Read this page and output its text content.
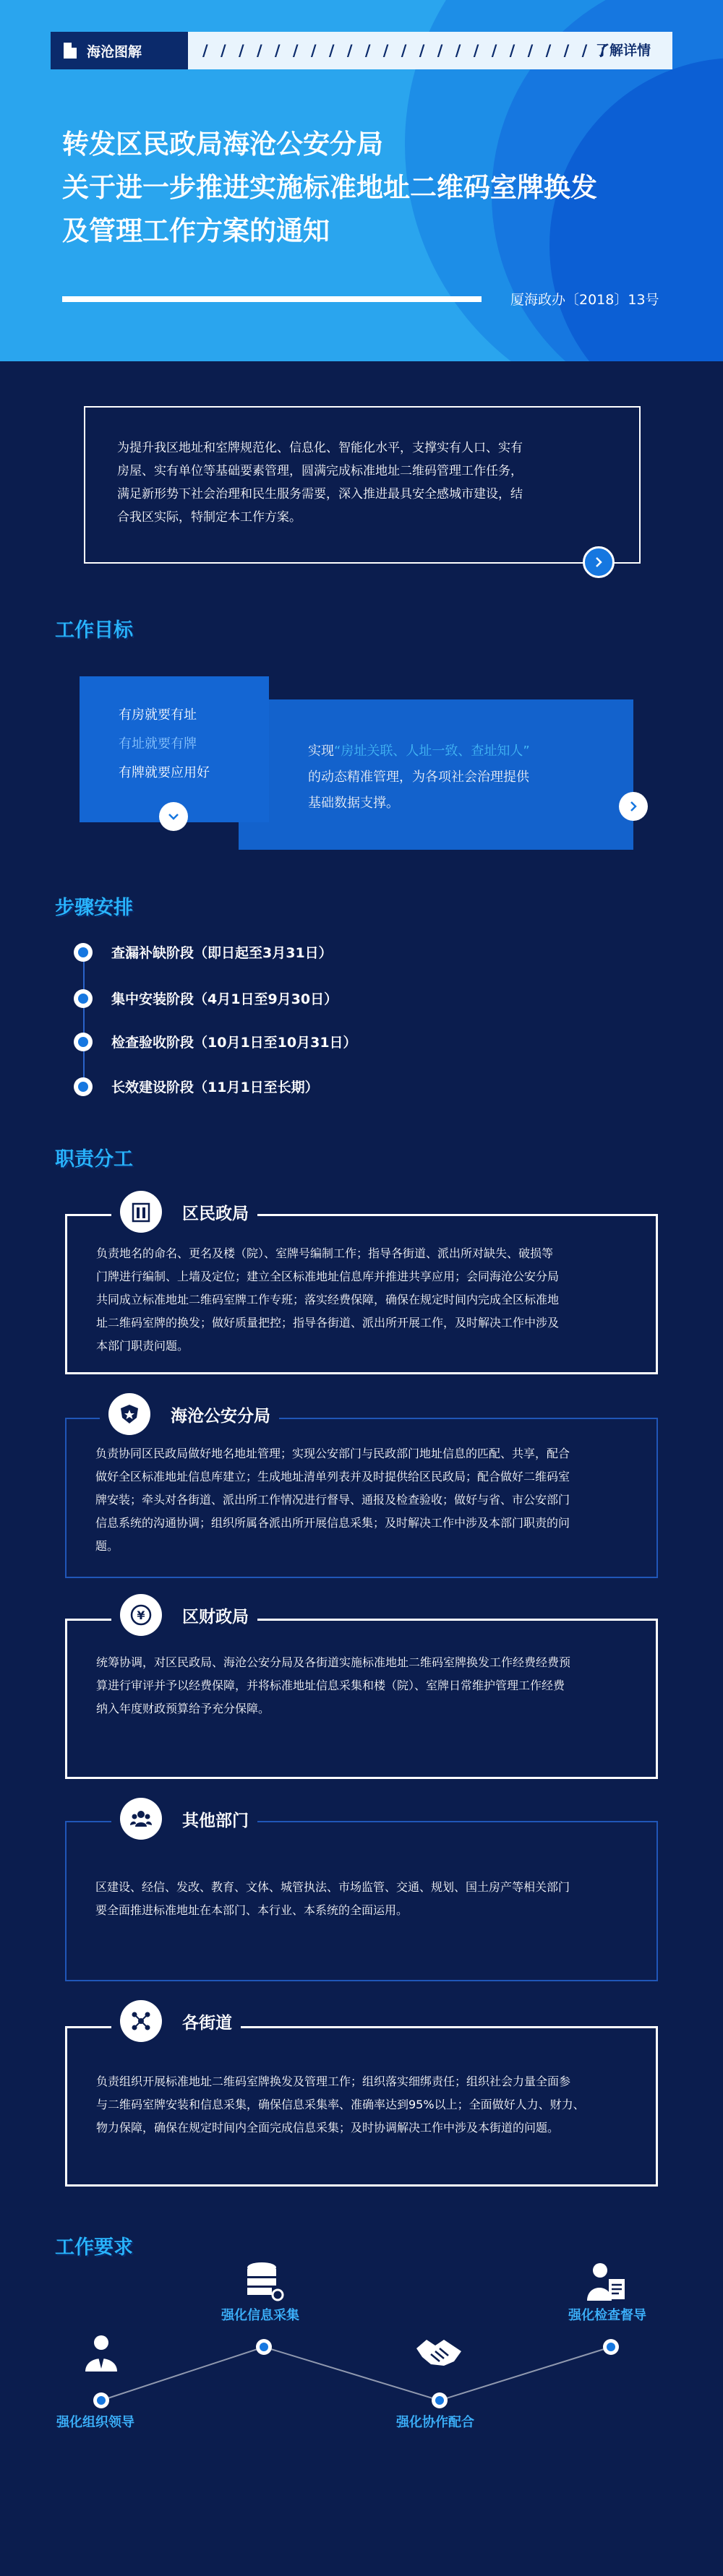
海沧图解	/ / / / / / / / / / / / / / / / / / / / / / /
了解详情
转发区民政局海沧公安分局
关于进一步推进实施标准地址二维码室牌换发
及管理工作方案的通知
厦海政办〔2018〕13号

为提升我区地址和室牌规范化、信息化、智能化水平，支撑实有人口、实有

房屋、实有单位等基础要素管理，圆满完成标准地址二维码管理工作任务，

满足新形势下社会治理和民生服务需要，深入推进最具安全感城市建设，结

合我区实际，特制定本工作方案。

工作目标

有房就要有址

有址就要有牌

有牌就要应用好

实现“房址关联、人址一致、查址知人”

的动态精准管理，为各项社会治理提供

基础数据支撑。

步骤安排
查漏补缺阶段（即日起至3月31日）
集中安装阶段（4月1日至9月30日）
检查验收阶段（10月1日至10月31日）
长效建设阶段（11月1日至长期）
职责分工

负责地名的命名、更名及楼（院）、室牌号编制工作；指导各街道、派出所对缺失、破损等

门牌进行编制、上墙及定位；建立全区标准地址信息库并推进共享应用；会同海沧公安分局

共同成立标准地址二维码室牌工作专班；落实经费保障，确保在规定时间内完成全区标准地

址二维码室牌的换发；做好质量把控；指导各街道、派出所开展工作，及时解决工作中涉及

本部门职责问题。

区民政局

负责协同区民政局做好地名地址管理；实现公安部门与民政部门地址信息的匹配、共享，配合

做好全区标准地址信息库建立；生成地址清单列表并及时提供给区民政局；配合做好二维码室

牌安装；牵头对各街道、派出所工作情况进行督导、通报及检查验收；做好与省、市公安部门

信息系统的沟通协调；组织所属各派出所开展信息采集；及时解决工作中涉及本部门职责的问

题。

海沧公安分局

统筹协调，对区民政局、海沧公安分局及各街道实施标准地址二维码室牌换发工作经费经费预

算进行审评并予以经费保障，并将标准地址信息采集和楼（院）、室牌日常维护管理工作经费

纳入年度财政预算给予充分保障。

¥ 区财政局

区建设、经信、发改、教育、文体、城管执法、市场监管、交通、规划、国土房产等相关部门

要全面推进标准地址在本部门、本行业、本系统的全面运用。

其他部门

负责组织开展标准地址二维码室牌换发及管理工作；组织落实细绑责任；组织社会力量全面参

与二维码室牌安装和信息采集，确保信息采集率、准确率达到95%以上；全面做好人力、财力、

物力保障，确保在规定时间内全面完成信息采集；及时协调解决工作中涉及本街道的问题。

各街道
工作要求
强化组织领导
强化信息采集
强化协作配合
强化检查督导
